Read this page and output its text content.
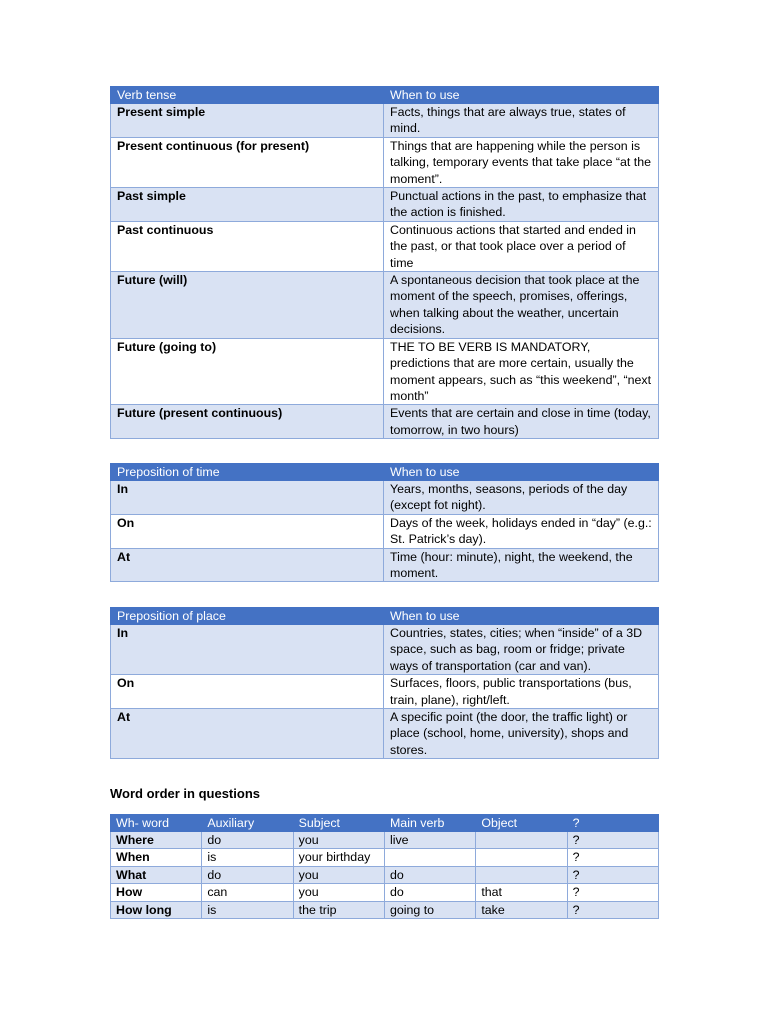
Verb tense	When to use
Present simple	Facts, things that are always true, states of mind.
Present continuous (for present)	Things that are happening while the person is talking, temporary events that take place “at the moment”.
Past simple	Punctual actions in the past, to emphasize that the action is finished.
Past continuous	Continuous actions that started and ended in the past, or that took place over a period of time
Future (will)	A spontaneous decision that took place at the moment of the speech, promises, offerings, when talking about the weather, uncertain decisions.
Future (going to)	THE TO BE VERB IS MANDATORY, predictions that are more certain, usually the moment appears, such as “this weekend”, “next month”
Future (present continuous)	Events that are certain and close in time (today, tomorrow, in two hours)
Preposition of time	When to use
In	Years, months, seasons, periods of the day (except fot night).
On	Days of the week, holidays ended in “day” (e.g.: St. Patrick’s day).
At	Time (hour: minute), night, the weekend, the moment.
Preposition of place	When to use
In	Countries, states, cities; when “inside” of a 3D space, such as bag, room or fridge; private ways of transportation (car and van).
On	Surfaces, floors, public transportations (bus, train, plane), right/left.
At	A specific point (the door, the traffic light) or place (school, home, university), shops and stores.

Word order in questions

Wh- word	Auxiliary	Subject	Main verb	Object	?
Where	do	you	live		?
When	is	your birthday			?
What	do	you	do		?
How	can	you	do	that	?
How long	is	the trip	going to	take	?
